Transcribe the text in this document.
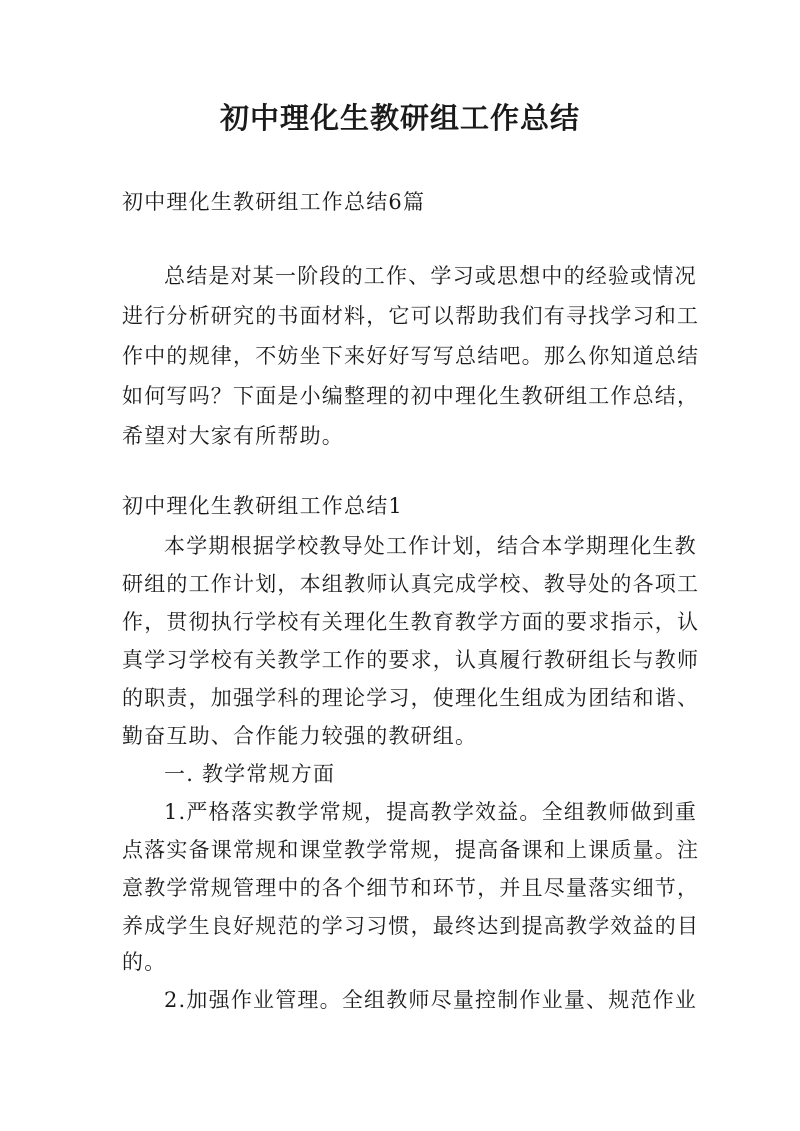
初中理化生教研组工作总结

初中理化生教研组工作总结6篇

总结是对某一阶段的工作、学习或思想中的经验或情况

进行分析研究的书面材料，它可以帮助我们有寻找学习和工

作中的规律，不妨坐下来好好写写总结吧。那么你知道总结

如何写吗？下面是小编整理的初中理化生教研组工作总结，

希望对大家有所帮助。

初中理化生教研组工作总结1

本学期根据学校教导处工作计划，结合本学期理化生教

研组的工作计划，本组教师认真完成学校、教导处的各项工

作，贯彻执行学校有关理化生教育教学方面的要求指示，认

真学习学校有关教学工作的要求，认真履行教研组长与教师

的职责，加强学科的理论学习，使理化生组成为团结和谐、

勤奋互助、合作能力较强的教研组。

一. 教学常规方面

1.严格落实教学常规，提高教学效益。全组教师做到重

点落实备课常规和课堂教学常规，提高备课和上课质量。注

意教学常规管理中的各个细节和环节，并且尽量落实细节，

养成学生良好规范的学习习惯，最终达到提高教学效益的目

的。

2.加强作业管理。全组教师尽量控制作业量、规范作业
